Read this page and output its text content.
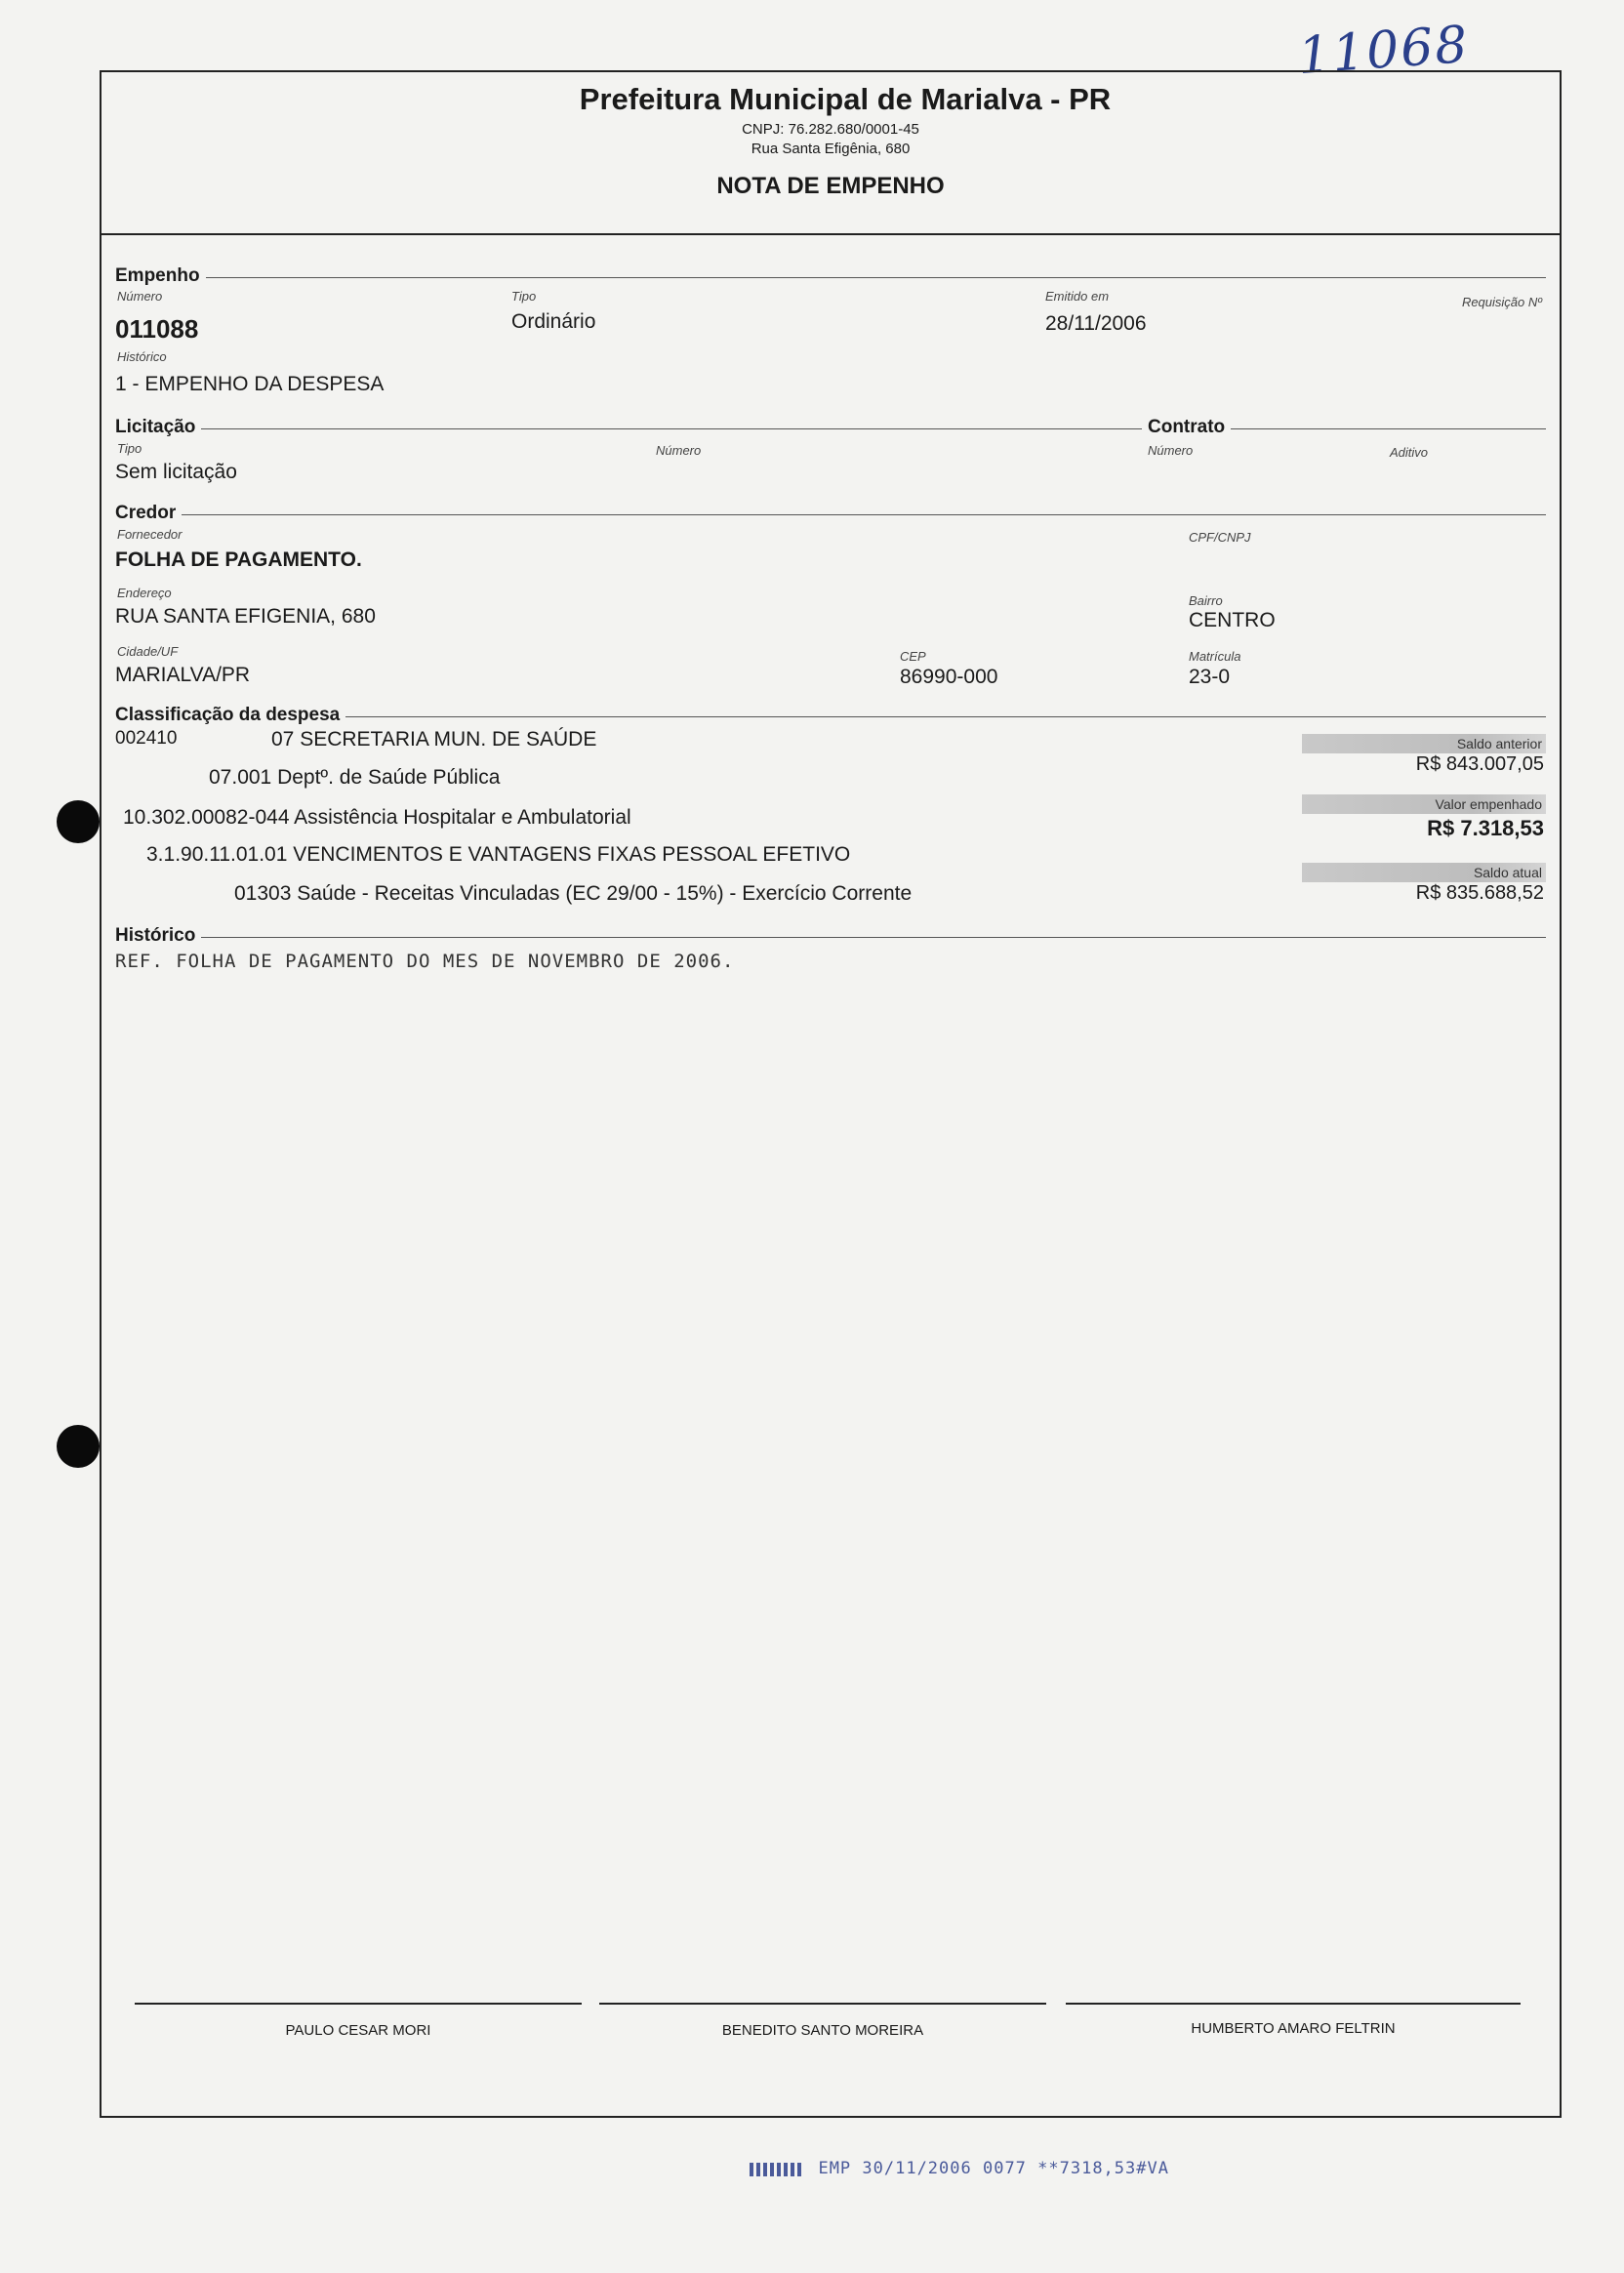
11068
Prefeitura Municipal de Marialva - PR
CNPJ: 76.282.680/0001-45
Rua Santa Efigênia, 680
NOTA DE EMPENHO
Empenho
Número
011088
Tipo
Ordinário
Emitido em
28/11/2006
Requisição Nº
Histórico
1 - EMPENHO DA DESPESA
Licitação	Contrato
Tipo
Sem licitação
Número	Número	Aditivo
Credor
Fornecedor
FOLHA DE PAGAMENTO.
CPF/CNPJ
Endereço
RUA SANTA EFIGENIA, 680
Bairro
CENTRO
Cidade/UF
MARIALVA/PR
CEP
86990-000
Matrícula
23-0
Classificação da despesa
002410	07 SECRETARIA MUN. DE SAÚDE
07.001 Deptº. de Saúde Pública
10.302.00082-044 Assistência Hospitalar e Ambulatorial
3.1.90.11.01.01 VENCIMENTOS E VANTAGENS FIXAS PESSOAL EFETIVO
01303 Saúde - Receitas Vinculadas (EC 29/00 - 15%) - Exercício Corrente
Saldo anterior
R$ 843.007,05
Valor empenhado
R$ 7.318,53
Saldo atual
R$ 835.688,52
Histórico
REF. FOLHA DE PAGAMENTO DO MES DE NOVEMBRO DE 2006.
PAULO CESAR MORI	BENEDITO SANTO MOREIRA	HUMBERTO AMARO FELTRIN
EMP 30/11/2006 0077 **7318,53#VA
